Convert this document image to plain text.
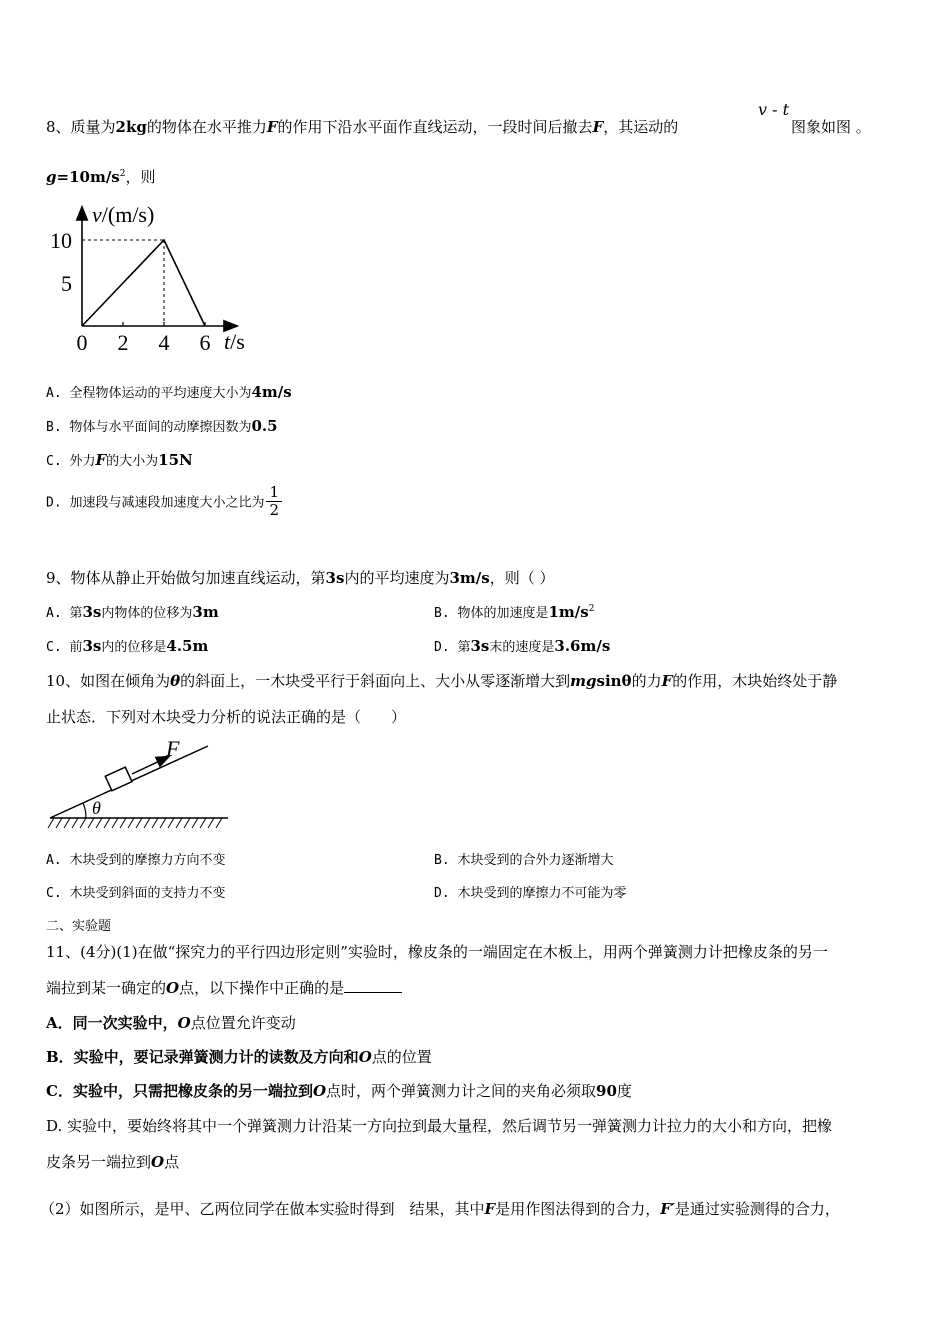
8、质量为2kg的物体在水平推力F的作用下沿水平面作直线运动，一段时间后撤去F，其运动的
v - t
图象如图 。
$g=10m/s^2$，则
v/(m/s)
t/s
5
10
0 2 4 6
A. 全程物体运动的平均速度大小为4m/s
B. 物体与水平面间的动摩擦因数为0.5
C. 外力F的大小为15N
D. 加速段与减速段加速度大小之比为 $\frac{1}{2}$
9、物体从静止开始做匀加速直线运动，第3s内的平均速度为3m/s，则（ ）
A. 第3s内物体的位移为3m	B. 物体的加速度是$1m/s^2$
C. 前3s内的位移是4.5m	D. 第3s末的速度是3.6m/s
10、如图在倾角为θ的斜面上，一木块受平行于斜面向上、大小从零逐渐增大到mgsinθ的力F的作用，木块始终处于静
止状态．下列对木块受力分析的说法正确的是（　　）
θ
F
A. 木块受到的摩擦力方向不变	B. 木块受到的合外力逐渐增大
C. 木块受到斜面的支持力不变	D. 木块受到的摩擦力不可能为零
二、实验题
11、(4分)(1)在做“探究力的平行四边形定则”实验时，橡皮条的一端固定在木板上，用两个弹簧测力计把橡皮条的另一
端拉到某一确定的O点，以下操作中正确的是
A．同一次实验中，O点位置允许变动
B．实验中，要记录弹簧测力计的读数及方向和O点的位置
C．实验中，只需把橡皮条的另一端拉到O点时，两个弹簧测力计之间的夹角必须取90度
D. 实验中，要始终将其中一个弹簧测力计沿某一方向拉到最大量程，然后调节另一弹簧测力计拉力的大小和方向，把橡
皮条另一端拉到O点
（2）如图所示，是甲、乙两位同学在做本实验时得到　结果，其中F是用作图法得到的合力，F′是通过实验测得的合力，
